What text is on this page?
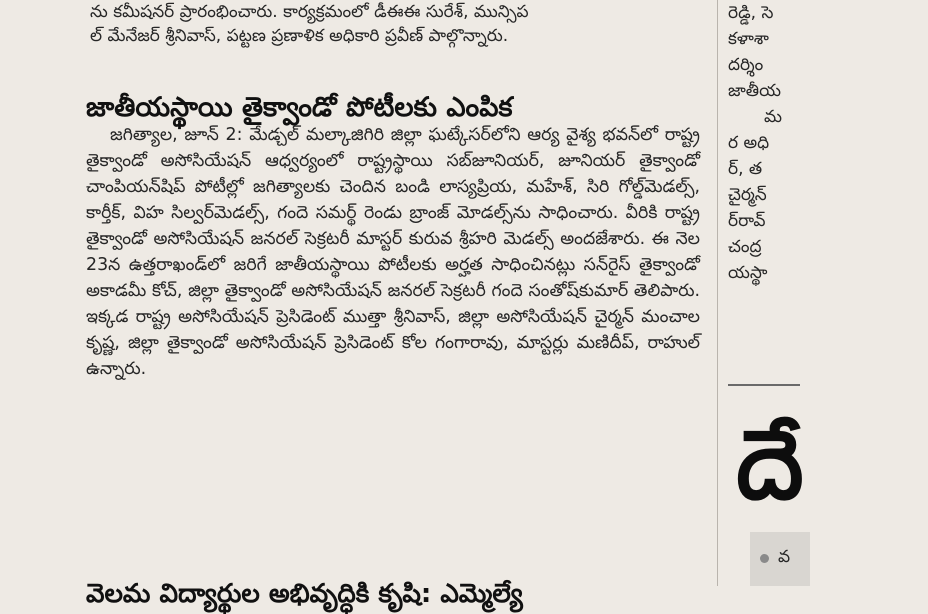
ను కమీషనర్ ప్రారంభించారు. కార్యక్రమంలో డీఈఈ సురేశ్, మున్సిప
ల్ మేనేజర్ శ్రీనివాస్, పట్టణ ప్రణాళిక అధికారి ప్రవీణ్ పాల్గొన్నారు.
జాతీయస్థాయి తైక్వాండో పోటీలకు ఎంపిక

జగిత్యాల, జూన్ 2: మేడ్చల్ మల్కాజిగిరి జిల్లా ఘట్కేసర్‌లోని ఆర్య వైశ్య భవన్‌లో రాష్ట్ర తైక్వాండో అసోసియేషన్ ఆధ్వర్యంలో రాష్ట్రస్థాయి సబ్‌జూనియర్, జూనియర్ తైక్వాండో చాంపియన్‌షిప్ పోటీల్లో జగిత్యాలకు చెందిన బండి లాస్యప్రియ, మహేశ్, సిరి గోల్డ్‌మెడల్స్, కార్తీక్, విహ సిల్వర్‌మెడల్స్, గందె సమర్థ్ రెండు బ్రాంజ్ మోడల్స్‌ను సాధించారు. వీరికి రాష్ట్ర తైక్వాండో అసోసియేషన్ జనరల్ సెక్రటరీ మాస్టర్ కురువ శ్రీహరి మెడల్స్ అందజేశారు. ఈ నెల 23న ఉత్తరాఖండ్‌లో జరిగే జాతీయస్థాయి పోటీలకు అర్హత సాధించినట్లు సన్‌రైస్ తైక్వాండో అకాడమీ కోచ్, జిల్లా తైక్వాండో అసోసియేషన్ జనరల్ సెక్రటరీ గందె సంతోష్‌కుమార్ తెలిపారు. ఇక్కడ రాష్ట్ర అసోసియేషన్ ప్రెసిడెంట్ ముత్తా శ్రీనివాస్, జిల్లా అసోసియేషన్ చైర్మన్ మంచాల కృష్ణ, జిల్లా తైక్వాండో అసోసియేషన్ ప్రెసిడెంట్ కోల గంగారావు, మాస్టర్లు మణిదీప్, రాహుల్ ఉన్నారు.

వెలమ విద్యార్థుల అభివృద్ధికి కృషి: ఎమ్మెల్యే
రెడ్డి, సె
కళాశా
దర్శిం
జాతీయ
మ
ర అధి
ర్, త
చైర్మన్
ర్‌రావ్
చంద్ర
యస్థా
దే
వ
